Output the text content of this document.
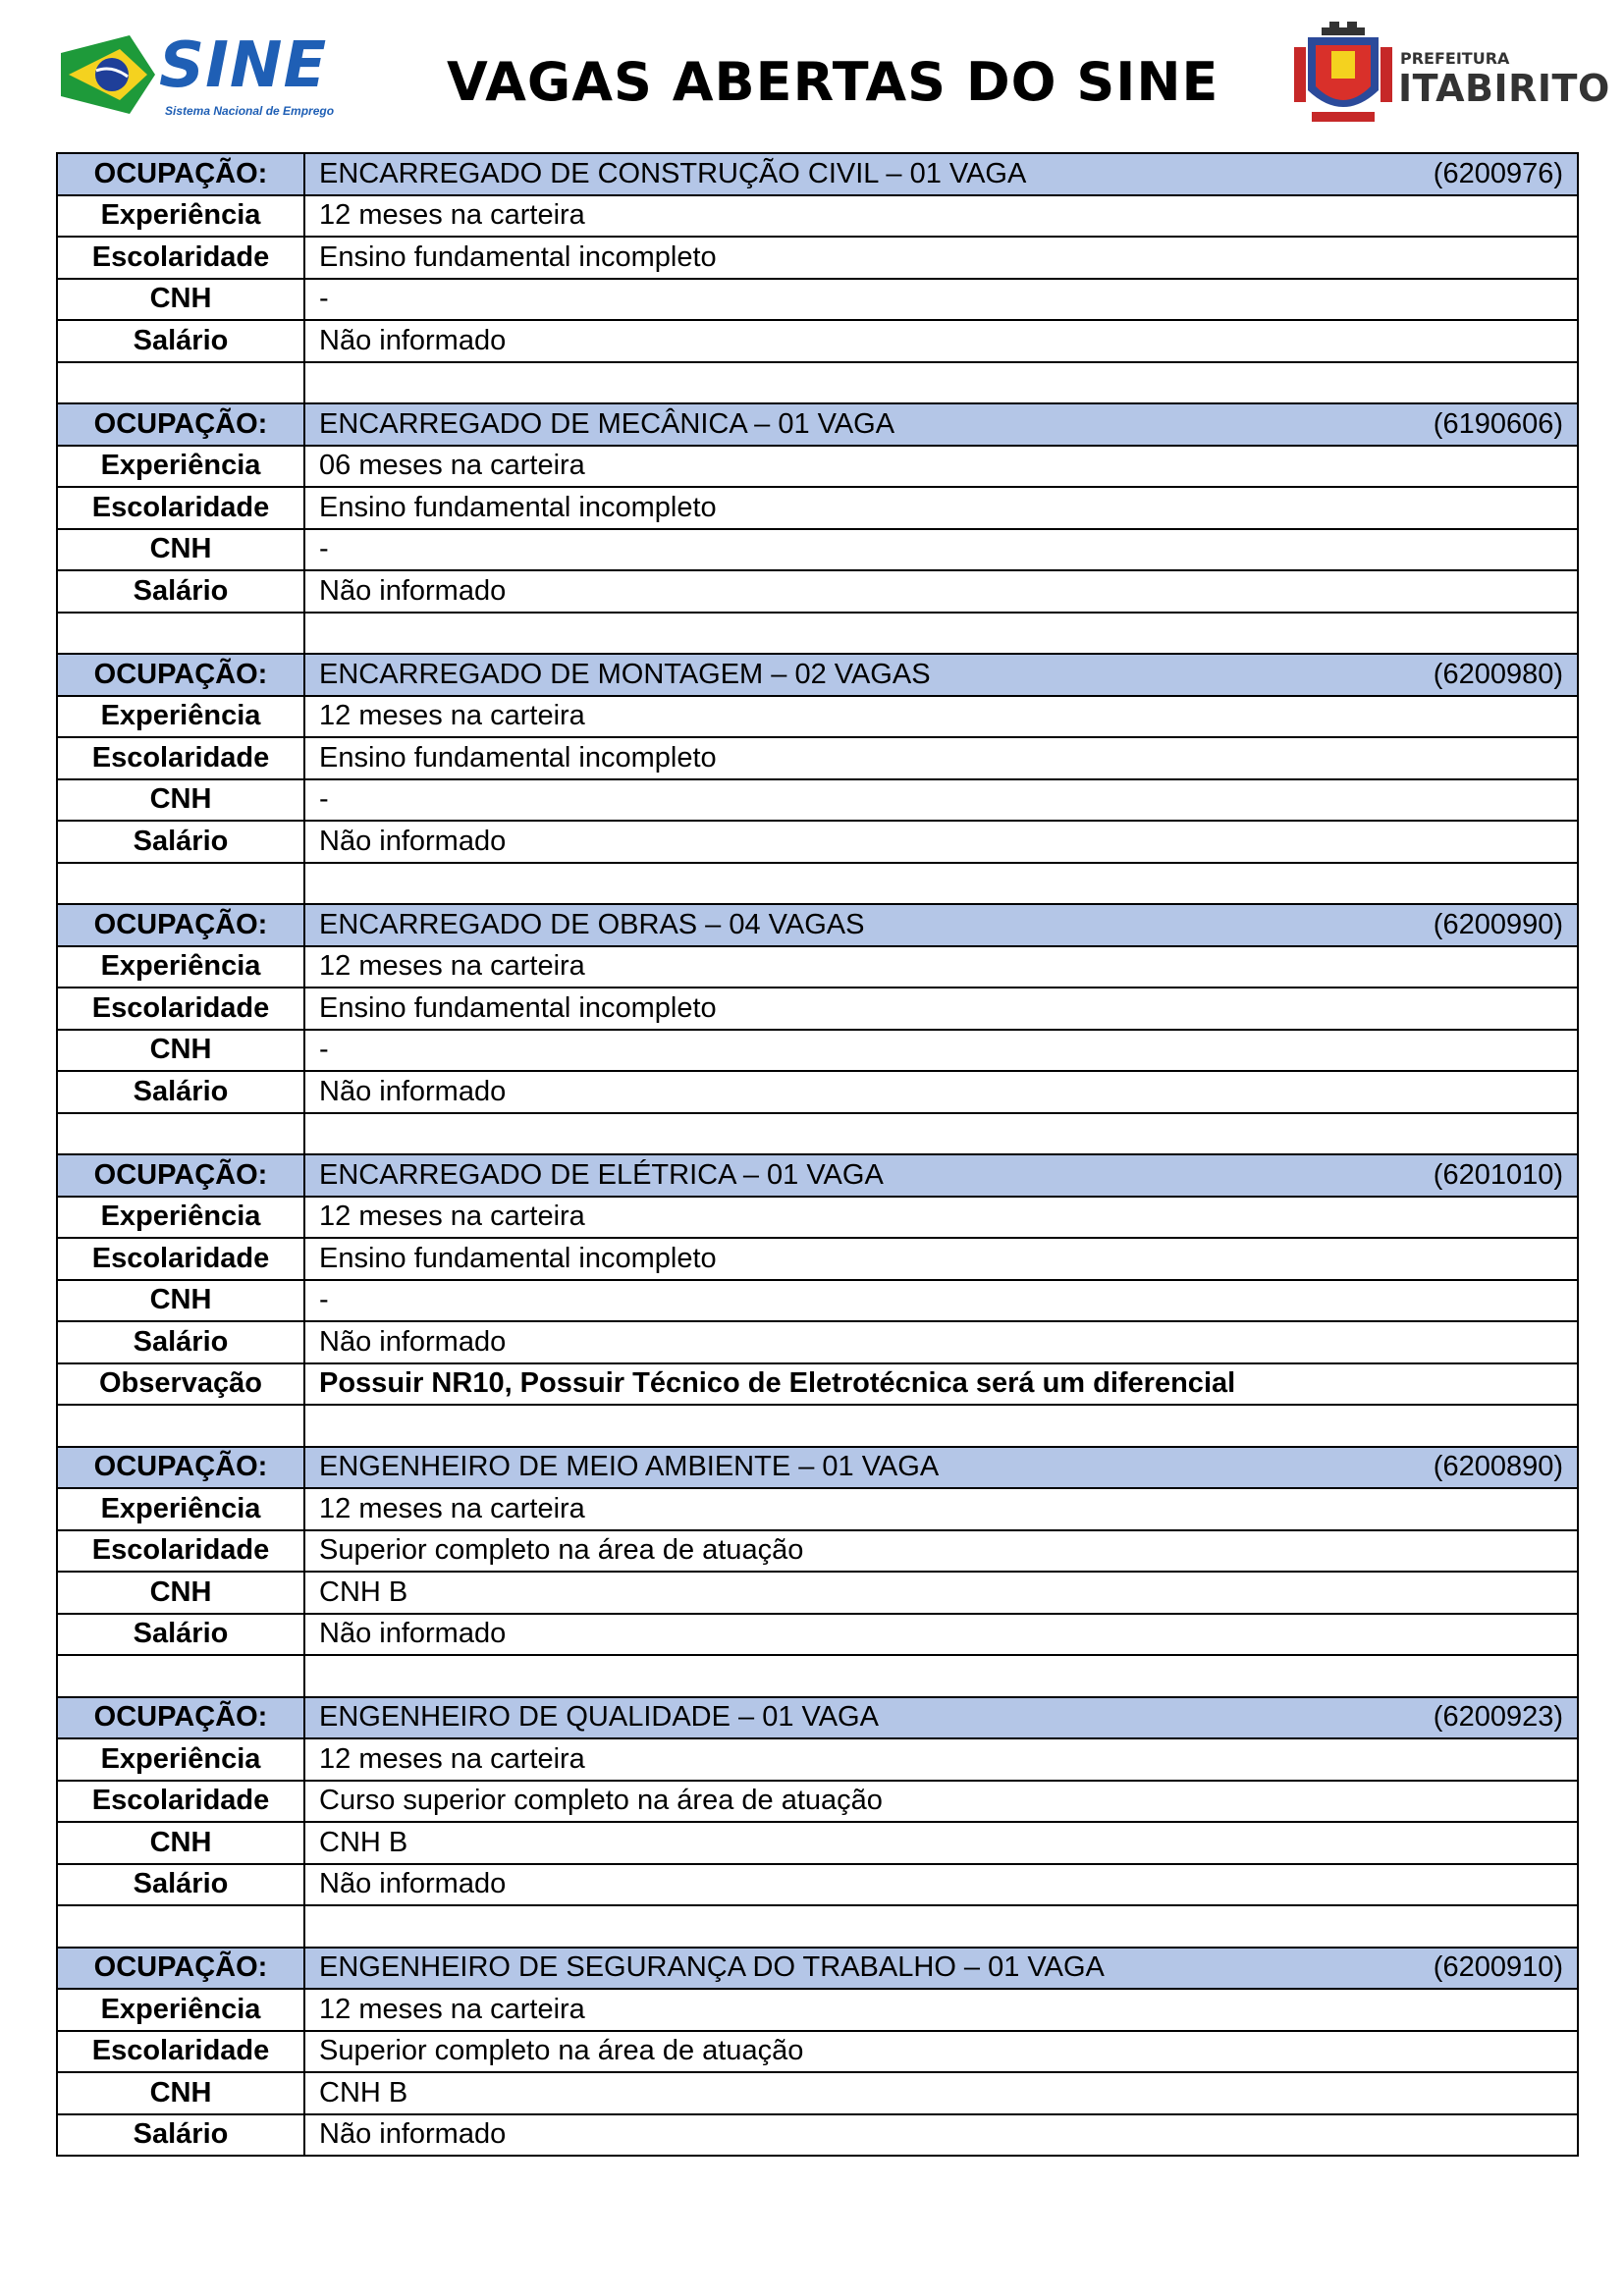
SINE
Sistema Nacional de Emprego VAGAS ABERTAS DO SINE	PREFEITURA
ITABIRITO
OCUPAÇÃO:	ENCARREGADO DE CONSTRUÇÃO CIVIL – 01 VAGA (6200976)

Experiência	12 meses na carteira
Escolaridade	Ensino fundamental incompleto
CNH	-
Salário	Não informado

OCUPAÇÃO:	ENCARREGADO DE MECÂNICA – 01 VAGA (6190606)

Experiência	06 meses na carteira
Escolaridade	Ensino fundamental incompleto
CNH	-
Salário	Não informado

OCUPAÇÃO:	ENCARREGADO DE MONTAGEM – 02 VAGAS (6200980)

Experiência	12 meses na carteira
Escolaridade	Ensino fundamental incompleto
CNH	-
Salário	Não informado

OCUPAÇÃO:	ENCARREGADO DE OBRAS – 04 VAGAS (6200990)

Experiência	12 meses na carteira
Escolaridade	Ensino fundamental incompleto
CNH	-
Salário	Não informado

OCUPAÇÃO:	ENCARREGADO DE ELÉTRICA – 01 VAGA (6201010)

Experiência	12 meses na carteira
Escolaridade	Ensino fundamental incompleto
CNH	-
Salário	Não informado
Observação	Possuir NR10, Possuir Técnico de Eletrotécnica será um diferencial

OCUPAÇÃO:	ENGENHEIRO DE MEIO AMBIENTE – 01 VAGA (6200890)

Experiência	12 meses na carteira
Escolaridade	Superior completo na área de atuação
CNH	CNH B
Salário	Não informado

OCUPAÇÃO:	ENGENHEIRO DE QUALIDADE – 01 VAGA (6200923)

Experiência	12 meses na carteira
Escolaridade	Curso superior completo na área de atuação
CNH	CNH B
Salário	Não informado

OCUPAÇÃO:	ENGENHEIRO DE SEGURANÇA DO TRABALHO – 01 VAGA (6200910)

Experiência	12 meses na carteira
Escolaridade	Superior completo na área de atuação
CNH	CNH B
Salário	Não informado
